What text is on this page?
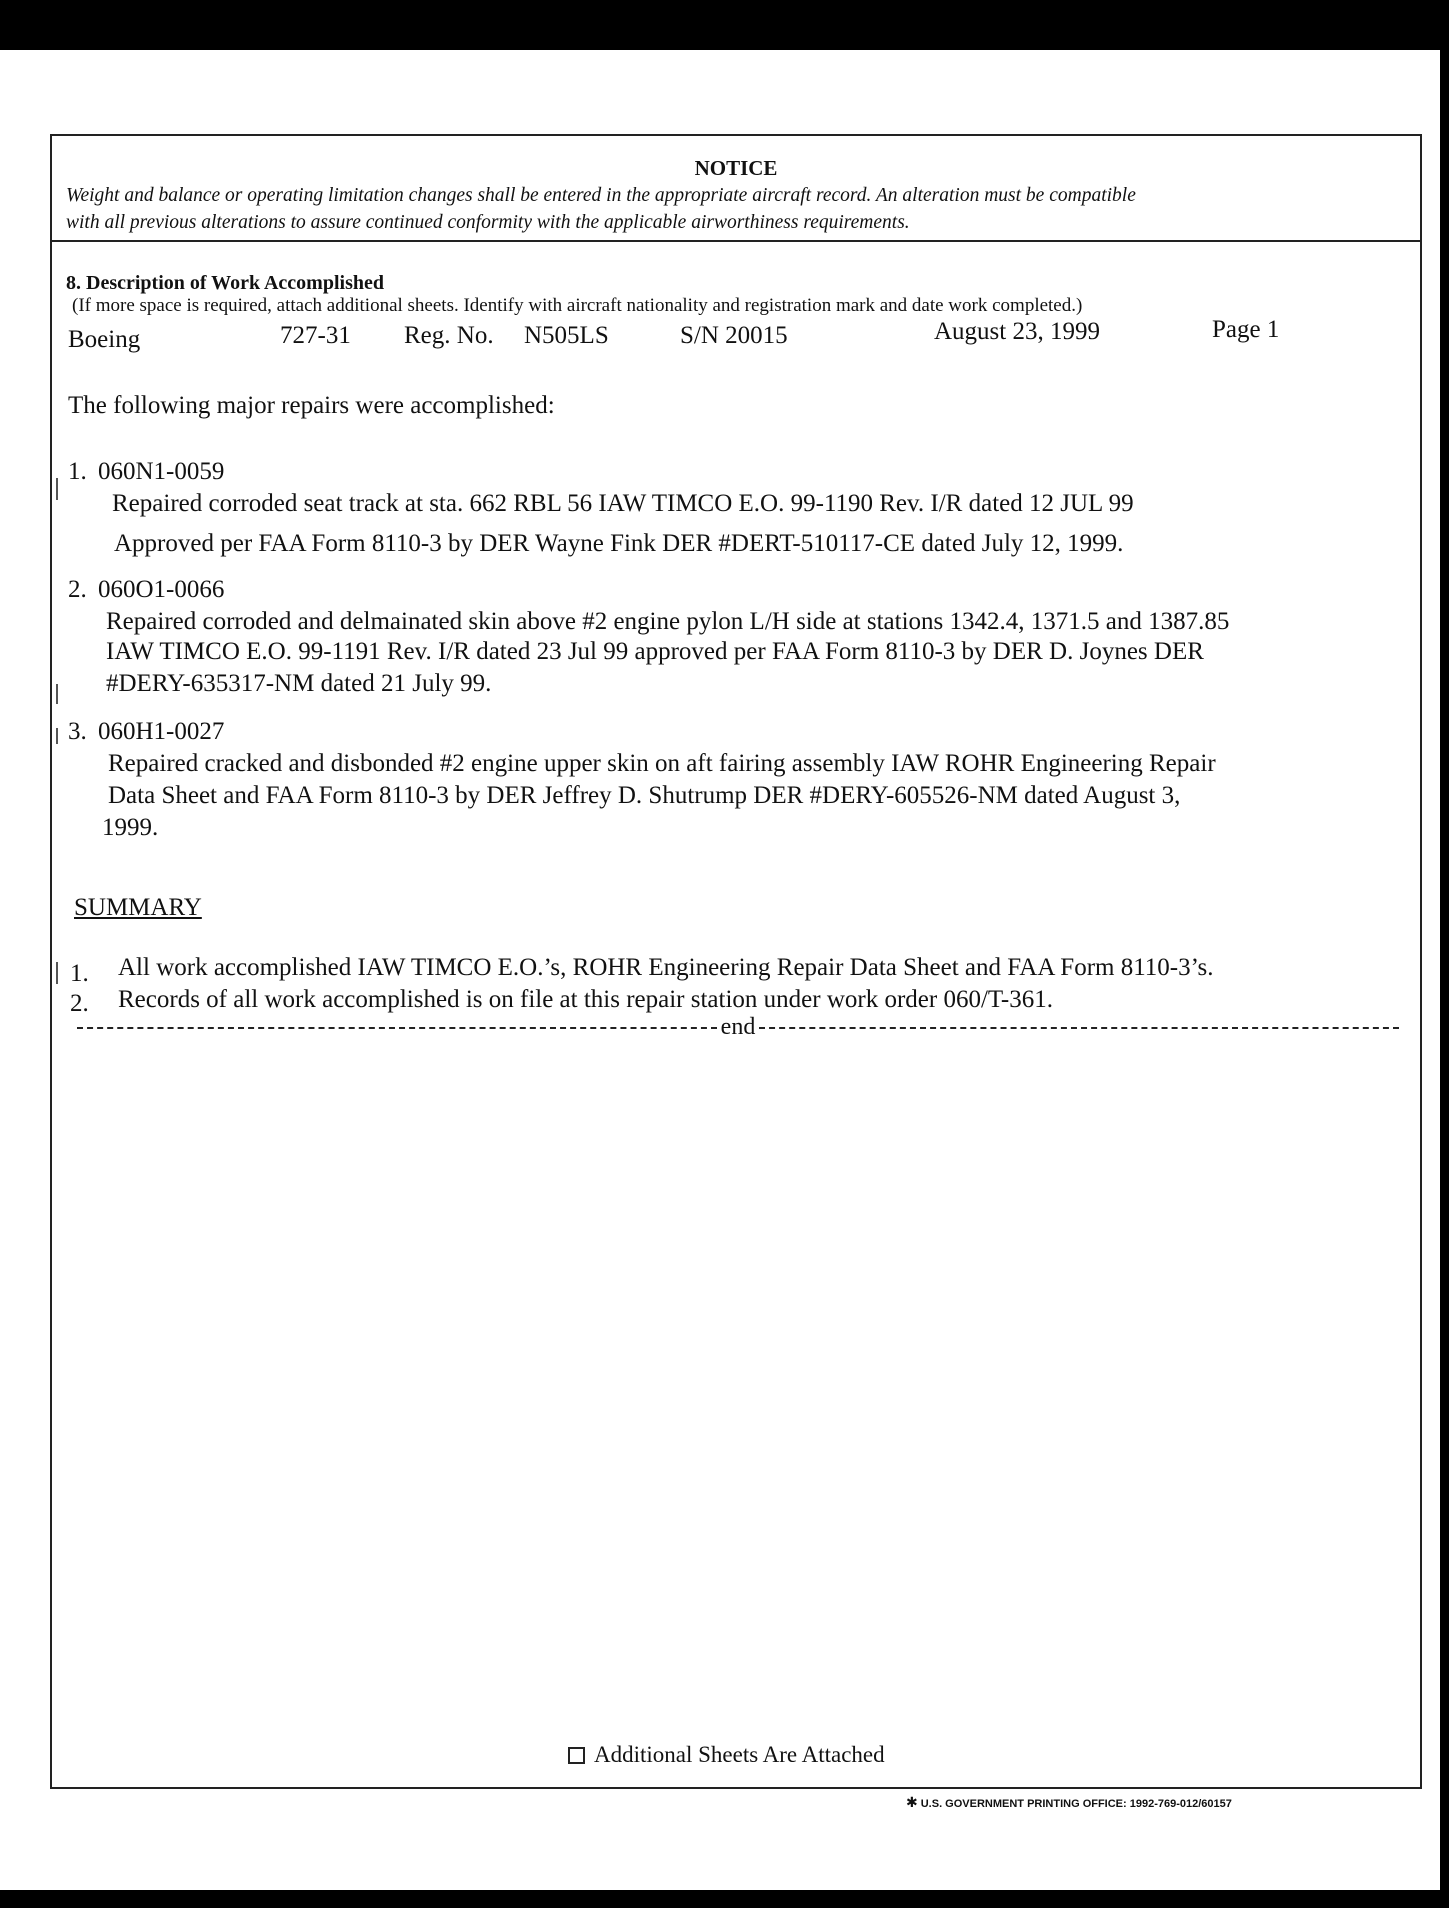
NOTICE
Weight and balance or operating limitation changes shall be entered in the appropriate aircraft record. An alteration must be compatible
with all previous alterations to assure continued conformity with the applicable airworthiness requirements.
8. Description of Work Accomplished
(If more space is required, attach additional sheets. Identify with aircraft nationality and registration mark and date work completed.)
Boeing	727-31 Reg. No. N505LS	S/N 20015	August 23, 1999	Page 1
The following major repairs were accomplished:
1. 060N1-0059
Repaired corroded seat track at sta. 662 RBL 56 IAW TIMCO E.O. 99-1190 Rev. I/R dated 12 JUL 99
Approved per FAA Form 8110-3 by DER Wayne Fink DER #DERT-510117-CE dated July 12, 1999.
2. 060O1-0066
Repaired corroded and delmainated skin above #2 engine pylon L/H side at stations 1342.4, 1371.5 and 1387.85
IAW TIMCO E.O. 99-1191 Rev. I/R dated 23 Jul 99 approved per FAA Form 8110-3 by DER D. Joynes DER
#DERY-635317-NM dated 21 July 99.
3. 060H1-0027
Repaired cracked and disbonded #2 engine upper skin on aft fairing assembly IAW ROHR Engineering Repair
Data Sheet and FAA Form 8110-3 by DER Jeffrey D. Shutrump DER #DERY-605526-NM dated August 3,
1999.
SUMMARY
1. All work accomplished IAW TIMCO E.O.’s, ROHR Engineering Repair Data Sheet and FAA Form 8110-3’s.
2. Records of all work accomplished is on file at this repair station under work order 060/T-361.
end
Additional Sheets Are Attached
✱ U.S. GOVERNMENT PRINTING OFFICE: 1992-769-012/60157
